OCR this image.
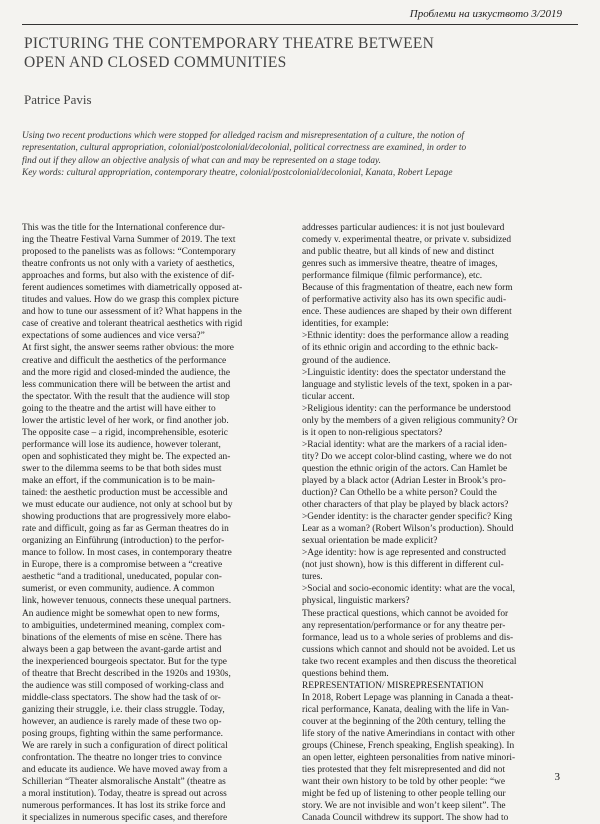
Проблеми на изкуството 3/2019
PICTURING THE CONTEMPORARY THEATRE BETWEEN
OPEN AND CLOSED COMMUNITIES
Patrice Pavis
Using two recent productions which were stopped for alledged racism and misrepresentation of a culture, the notion of
representation, cultural appropriation, colonial/postcolonial/decolonial, political correctness are examined, in order to
find out if they allow an objective analysis of what can and may be represented on a stage today.
Key words: cultural appropriation, contemporary theatre, colonial/postcolonial/decolonial, Kanata, Robert Lepage
This was the title for the International conference dur-
ing the Theatre Festival Varna Summer of 2019. The text
proposed to the panelists was as follows: “Contemporary
theatre confronts us not only with a variety of aesthetics,
approaches and forms, but also with the existence of dif-
ferent audiences sometimes with diametrically opposed at-
titudes and values. How do we grasp this complex picture
and how to tune our assessment of it? What happens in the
case of creative and tolerant theatrical aesthetics with rigid
expectations of some audiences and vice versa?”
At first sight, the answer seems rather obvious: the more
creative and difficult the aesthetics of the performance
and the more rigid and closed-minded the audience, the
less communication there will be between the artist and
the spectator. With the result that the audience will stop
going to the theatre and the artist will have either to
lower the artistic level of her work, or find another job.
The opposite case – a rigid, incomprehensible, esoteric
performance will lose its audience, however tolerant,
open and sophisticated they might be. The expected an-
swer to the dilemma seems to be that both sides must
make an effort, if the communication is to be main-
tained: the aesthetic production must be accessible and
we must educate our audience, not only at school but by
showing productions that are progressively more elabo-
rate and difficult, going as far as German theatres do in
organizing an Einführung (introduction) to the perfor-
mance to follow. In most cases, in contemporary theatre
in Europe, there is a compromise between a “creative
aesthetic “and a traditional, uneducated, popular con-
sumerist, or even community, audience. A common
link, however tenuous, connects these unequal partners.
An audience might be somewhat open to new forms,
to ambiguities, undetermined meaning, complex com-
binations of the elements of mise en scène. There has
always been a gap between the avant-garde artist and
the inexperienced bourgeois spectator. But for the type
of theatre that Brecht described in the 1920s and 1930s,
the audience was still composed of working-class and
middle-class spectators. The show had the task of or-
ganizing their struggle, i.e. their class struggle. Today,
however, an audience is rarely made of these two op-
posing groups, fighting within the same performance.
We are rarely in such a configuration of direct political
confrontation. The theatre no longer tries to convince
and educate its audience. We have moved away from a
Schillerian “Theater alsmoralische Anstalt” (theatre as
a moral institution). Today, theatre is spread out across
numerous performances. It has lost its strike force and
it specializes in numerous specific cases, and therefore
addresses particular audiences: it is not just boulevard
comedy v. experimental theatre, or private v. subsidized
and public theatre, but all kinds of new and distinct
genres such as immersive theatre, theatre of images,
performance filmique (filmic performance), etc.
Because of this fragmentation of theatre, each new form
of performative activity also has its own specific audi-
ence. These audiences are shaped by their own different
identities, for example:
>Ethnic identity: does the performance allow a reading
of its ethnic origin and according to the ethnic back-
ground of the audience.
>Linguistic identity: does the spectator understand the
language and stylistic levels of the text, spoken in a par-
ticular accent.
>Religious identity: can the performance be understood
only by the members of a given religious community? Or
is it open to non-religious spectators?
>Racial identity: what are the markers of a racial iden-
tity? Do we accept color-blind casting, where we do not
question the ethnic origin of the actors. Can Hamlet be
played by a black actor (Adrian Lester in Brook’s pro-
duction)? Can Othello be a white person? Could the
other characters of that play be played by black actors?
>Gender identity: is the character gender specific? King
Lear as a woman? (Robert Wilson’s production). Should
sexual orientation be made explicit?
>Age identity: how is age represented and constructed
(not just shown), how is this different in different cul-
tures.
>Social and socio-economic identity: what are the vocal,
physical, linguistic markers?
These practical questions, which cannot be avoided for
any representation/performance or for any theatre per-
formance, lead us to a whole series of problems and dis-
cussions which cannot and should not be avoided. Let us
take two recent examples and then discuss the theoretical
questions behind them.
REPRESENTATION/ MISREPRESENTATION
In 2018, Robert Lepage was planning in Canada a theat-
rical performance, Kanata, dealing with the life in Van-
couver at the beginning of the 20th century, telling the
life story of the native Amerindians in contact with other
groups (Chinese, French speaking, English speaking). In
an open letter, eighteen personalities from native minori-
ties protested that they felt misrepresented and did not
want their own history to be told by other people: “we
might be fed up of listening to other people telling our
story. We are not invisible and won’t keep silent”. The
Canada Council withdrew its support. The show had to
3
